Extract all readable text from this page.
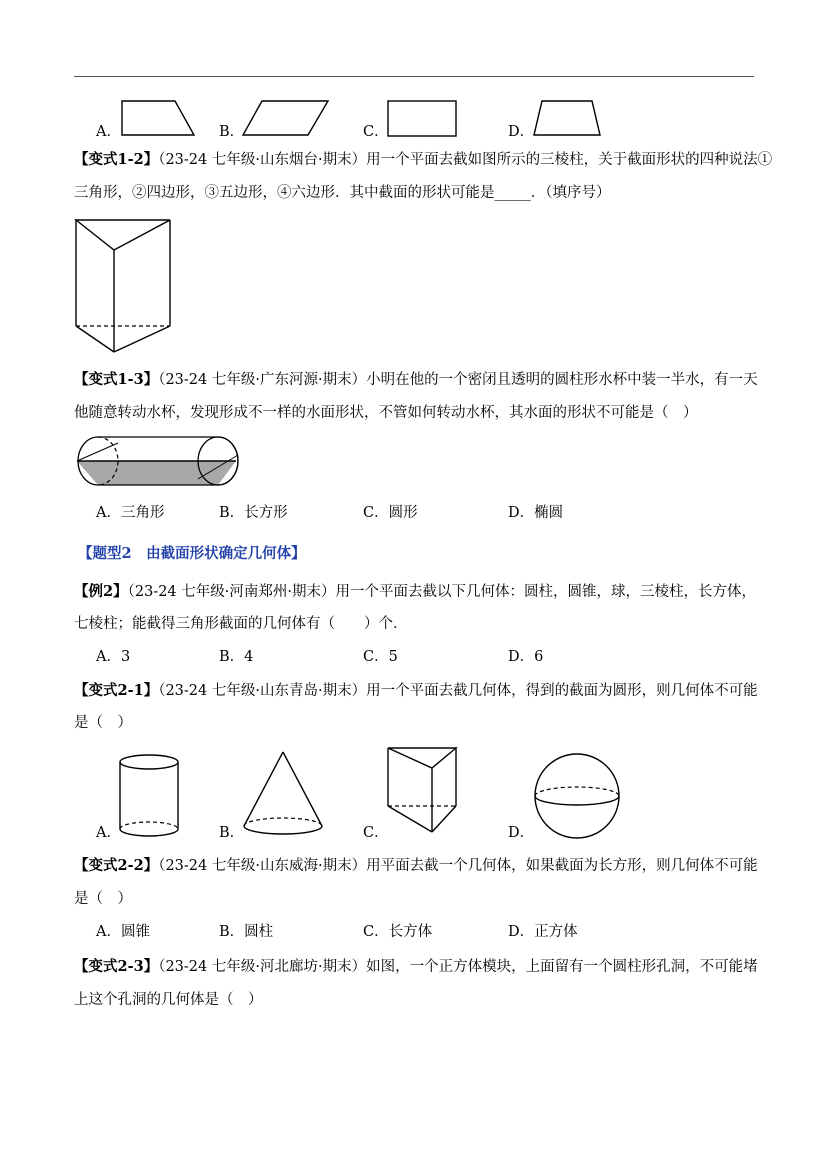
A．	B．	C．	D．
【变式1-2】（23-24 七年级·山东烟台·期末）用一个平面去截如图所示的三棱柱，关于截面形状的四种说法①
三角形，②四边形，③五边形，④六边形．其中截面的形状可能是_____．（填序号）
【变式1-3】（23-24 七年级·广东河源·期末）小明在他的一个密闭且透明的圆柱形水杯中装一半水，有一天
他随意转动水杯，发现形成不一样的水面形状，不管如何转动水杯，其水面的形状不可能是（　）
A．三角形	B．长方形	C．圆形	D．椭圆
【题型2　由截面形状确定几何体】
【例2】（23-24 七年级·河南郑州·期末）用一个平面去截以下几何体：圆柱，圆锥，球，三棱柱，长方体，
七棱柱；能截得三角形截面的几何体有（　　）个．
A．3	B．4	C．5	D．6
【变式2-1】（23-24 七年级·山东青岛·期末）用一个平面去截几何体，得到的截面为圆形，则几何体不可能
是（　）
A．	B．	C．	D．
【变式2-2】（23-24 七年级·山东威海·期末）用平面去截一个几何体，如果截面为长方形，则几何体不可能
是（　）
A．圆锥	B．圆柱	C．长方体	D．正方体
【变式2-3】（23-24 七年级·河北廊坊·期末）如图，一个正方体模块，上面留有一个圆柱形孔洞，不可能堵
上这个孔洞的几何体是（　）
